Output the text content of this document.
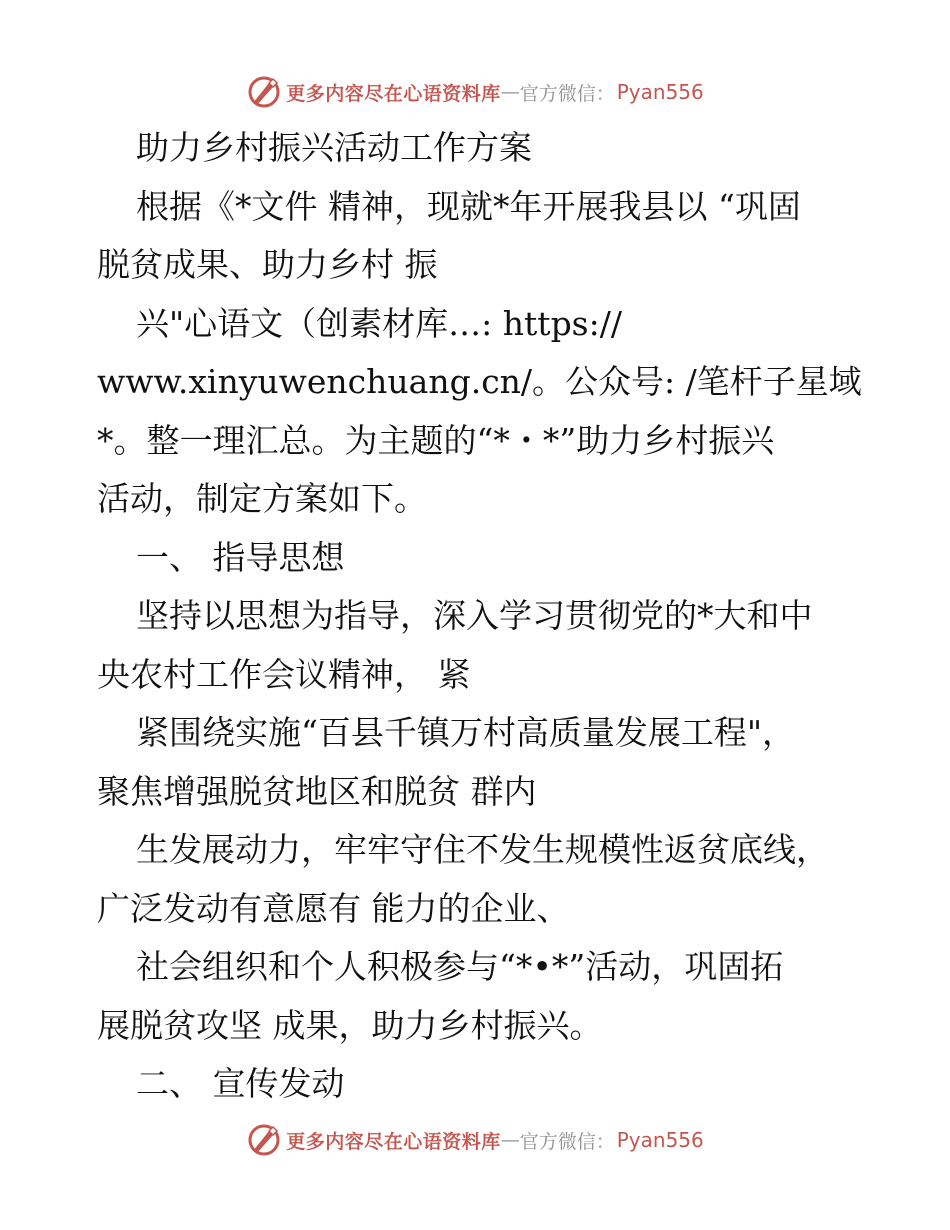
更多内容尽在心语资料库 — 官方微信： Pyan556

助力乡村振兴活动工作方案

根据《*文件 精神，现就*年开展我县以 “巩固

脱贫成果、助力乡村 振

兴"心语文（创素材库…: https://

www.xinyuwenchuang.cn/。公众号: /笔杆子星域

*。整一理汇总。为主题的“*・*”助力乡村振兴

活动，制定方案如下。

一、 指导思想

坚持以思想为指导，深入学习贯彻党的*大和中

央农村工作会议精神， 紧

紧围绕实施“百县千镇万村高质量发展工程"，

聚焦增强脱贫地区和脱贫 群内

生发展动力，牢牢守住不发生规模性返贫底线，

广泛发动有意愿有 能力的企业、

社会组织和个人积极参与“*•*”活动，巩固拓

展脱贫攻坚 成果，助力乡村振兴。

二、 宣传发动

更多内容尽在心语资料库 — 官方微信： Pyan556
